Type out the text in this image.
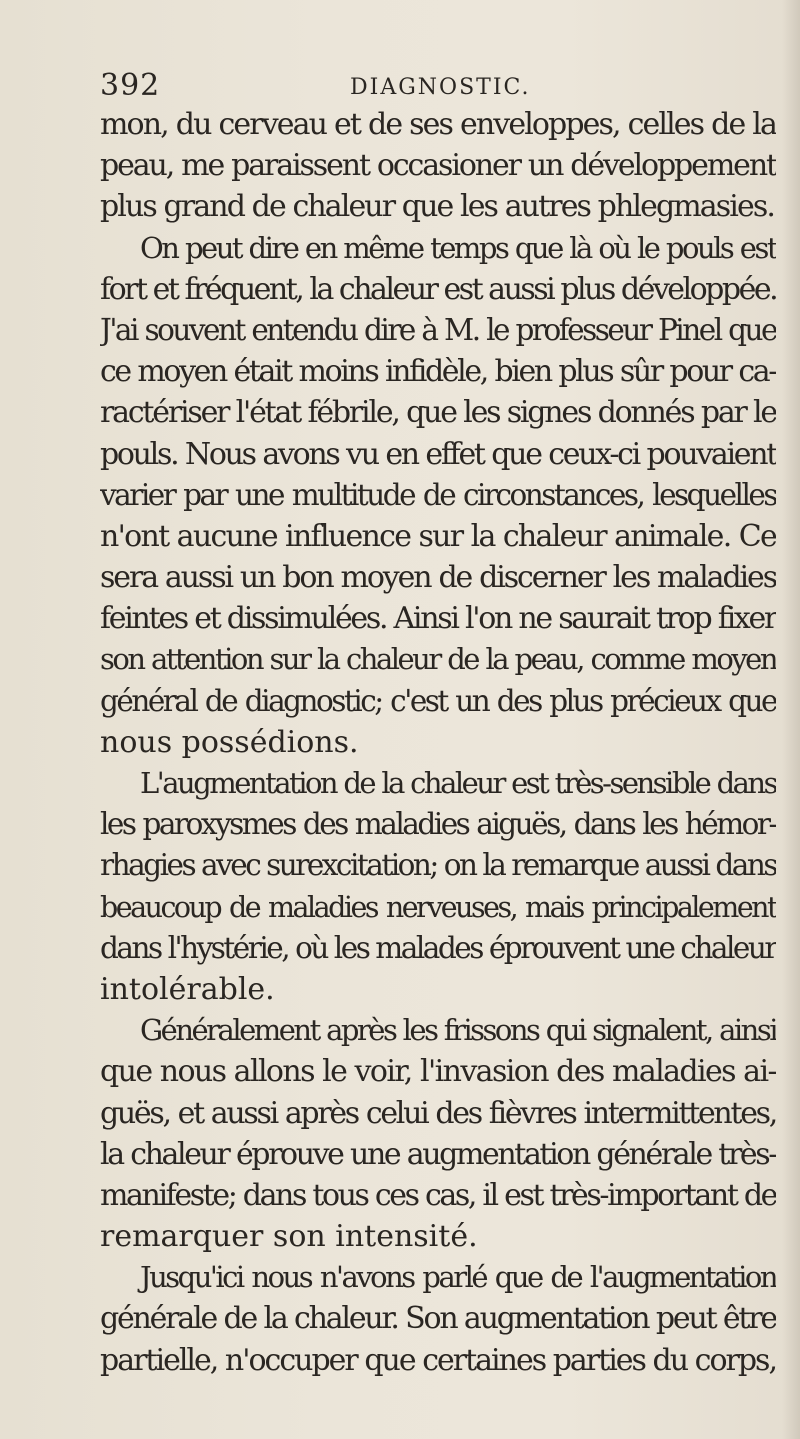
392	DIAGNOSTIC.
mon, du cerveau et de ses enveloppes, celles de la
peau, me paraissent occasioner un développement
plus grand de chaleur que les autres phlegmasies.
On peut dire en même temps que là où le pouls est
fort et fréquent, la chaleur est aussi plus développée.
J'ai souvent entendu dire à M. le professeur Pinel que
ce moyen était moins infidèle, bien plus sûr pour ca-
ractériser l'état fébrile, que les signes donnés par le
pouls. Nous avons vu en effet que ceux-ci pouvaient
varier par une multitude de circonstances, lesquelles
n'ont aucune influence sur la chaleur animale. Ce
sera aussi un bon moyen de discerner les maladies
feintes et dissimulées. Ainsi l'on ne saurait trop fixer
son attention sur la chaleur de la peau, comme moyen
général de diagnostic; c'est un des plus précieux que
nous possédions.
L'augmentation de la chaleur est très-sensible dans
les paroxysmes des maladies aiguës, dans les hémor-
rhagies avec surexcitation; on la remarque aussi dans
beaucoup de maladies nerveuses, mais principalement
dans l'hystérie, où les malades éprouvent une chaleur
intolérable.
Généralement après les frissons qui signalent, ainsi
que nous allons le voir, l'invasion des maladies ai-
guës, et aussi après celui des fièvres intermittentes,
la chaleur éprouve une augmentation générale très-
manifeste; dans tous ces cas, il est très-important de
remarquer son intensité.
Jusqu'ici nous n'avons parlé que de l'augmentation
générale de la chaleur. Son augmentation peut être
partielle, n'occuper que certaines parties du corps,
